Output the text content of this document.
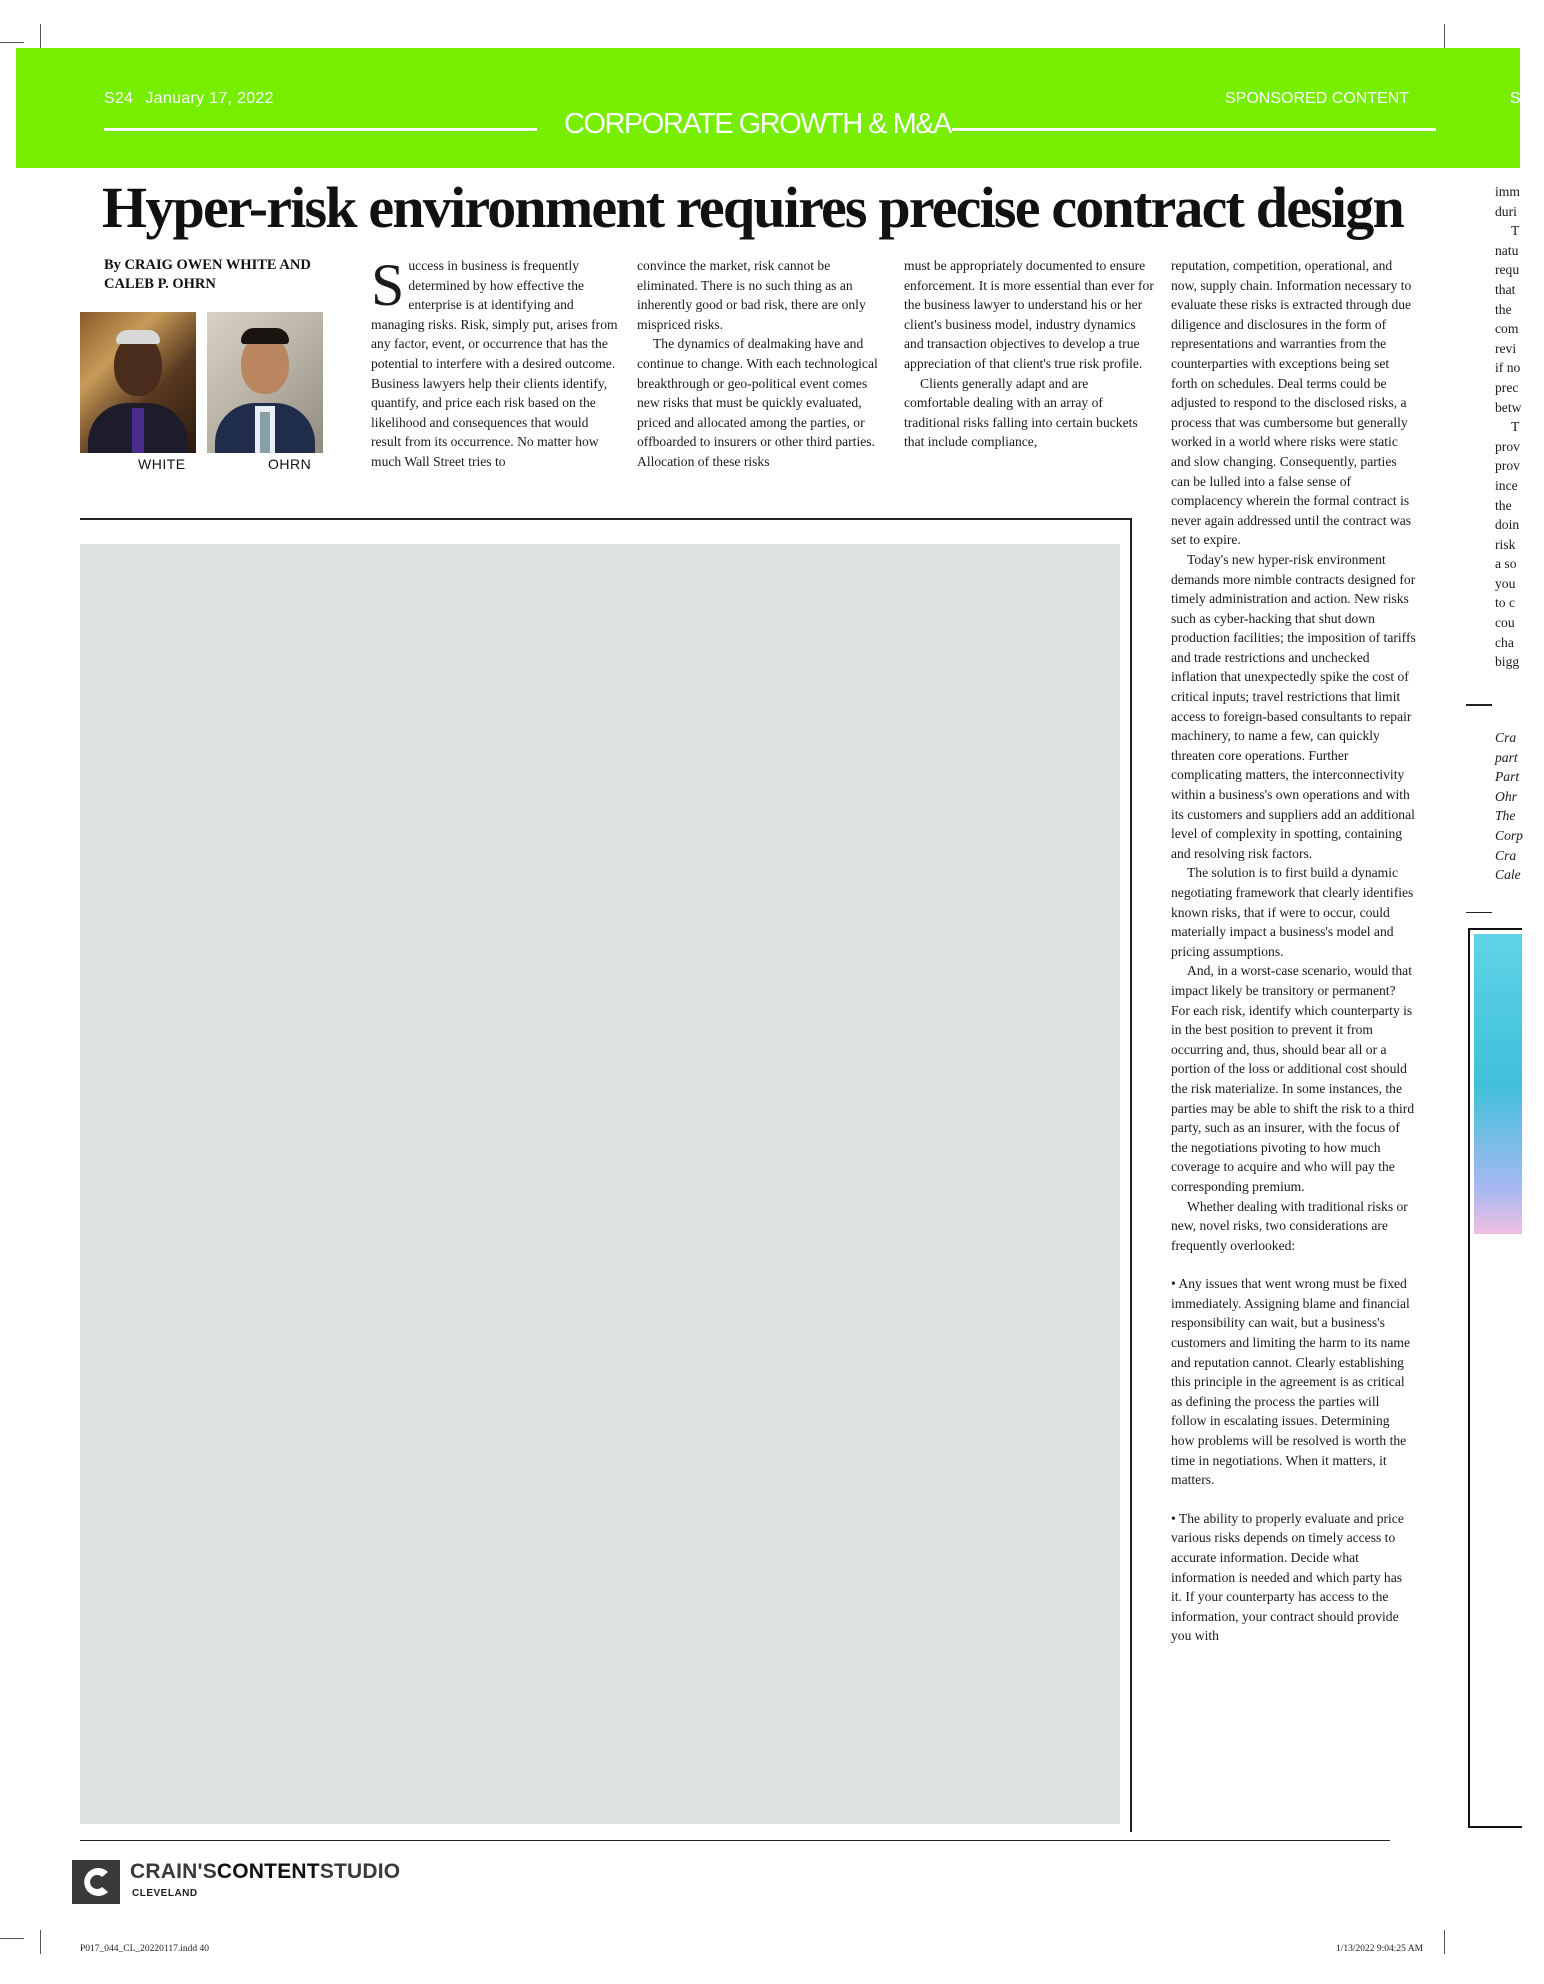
S24 January 17, 2022
CORPORATE GROWTH & M&A
SPONSORED CONTENT	SPO
Hyper-risk environment requires precise contract design
By CRAIG OWEN WHITE AND
CALEB P. OHRN
WHITE	OHRN

Success in business is frequently determined by how effective the enterprise is at identifying and managing risks. Risk, simply put, arises from any factor, event, or occurrence that has the potential to interfere with a desired outcome. Business lawyers help their clients identify, quantify, and price each risk based on the likelihood and consequences that would result from its occurrence. No matter how much Wall Street tries to

convince the market, risk cannot be eliminated. There is no such thing as an inherently good or bad risk, there are only mispriced risks.

The dynamics of dealmaking have and continue to change. With each technological breakthrough or geo-political event comes new risks that must be quickly evaluated, priced and allocated among the parties, or offboarded to insurers or other third parties. Allocation of these risks

must be appropriately documented to ensure enforcement. It is more essential than ever for the business lawyer to understand his or her client's business model, industry dynamics and transaction objectives to develop a true appreciation of that client's true risk profile.

Clients generally adapt and are comfortable dealing with an array of traditional risks falling into certain buckets that include compliance,

reputation, competition, operational, and now, supply chain. Information necessary to evaluate these risks is extracted through due diligence and disclosures in the form of representations and warranties from the counterparties with exceptions being set forth on schedules. Deal terms could be adjusted to respond to the disclosed risks, a process that was cumbersome but generally worked in a world where risks were static and slow changing. Consequently, parties can be lulled into a false sense of complacency wherein the formal contract is never again addressed until the contract was set to expire.

Today's new hyper-risk environment demands more nimble contracts designed for timely administration and action. New risks such as cyber-hacking that shut down production facilities; the imposition of tariffs and trade restrictions and unchecked inflation that unexpectedly spike the cost of critical inputs; travel restrictions that limit access to foreign-based consultants to repair machinery, to name a few, can quickly threaten core operations. Further complicating matters, the interconnectivity within a business's own operations and with its customers and suppliers add an additional level of complexity in spotting, containing and resolving risk factors.

The solution is to first build a dynamic negotiating framework that clearly identifies known risks, that if were to occur, could materially impact a business's model and pricing assumptions.

And, in a worst-case scenario, would that impact likely be transitory or permanent? For each risk, identify which counterparty is in the best position to prevent it from occurring and, thus, should bear all or a portion of the loss or additional cost should the risk materialize. In some instances, the parties may be able to shift the risk to a third party, such as an insurer, with the focus of the negotiations pivoting to how much coverage to acquire and who will pay the corresponding premium.

Whether dealing with traditional risks or new, novel risks, two considerations are frequently overlooked:

• Any issues that went wrong must be fixed immediately. Assigning blame and financial responsibility can wait, but a business's customers and limiting the harm to its name and reputation cannot. Clearly establishing this principle in the agreement is as critical as defining the process the parties will follow in escalating issues. Determining how problems will be resolved is worth the time in negotiations. When it matters, it matters.

• The ability to properly evaluate and price various risks depends on timely access to accurate information. Decide what information is needed and which party has it. If your counterparty has access to the information, your contract should provide you with

imm
duri
T
natu
requ
that
the
com
revi
if no
prec
betw
T
prov
prov
ince
the
doin
risk
a so
you
to c
cou
cha
bigg
Cra
part
Part
Ohr
The
Corp
Cra
Cale
CRAIN'SCONTENTSTUDIO
CLEVELAND
P017_044_CL_20220117.indd 40	1/13/2022 9:04:25 AM
